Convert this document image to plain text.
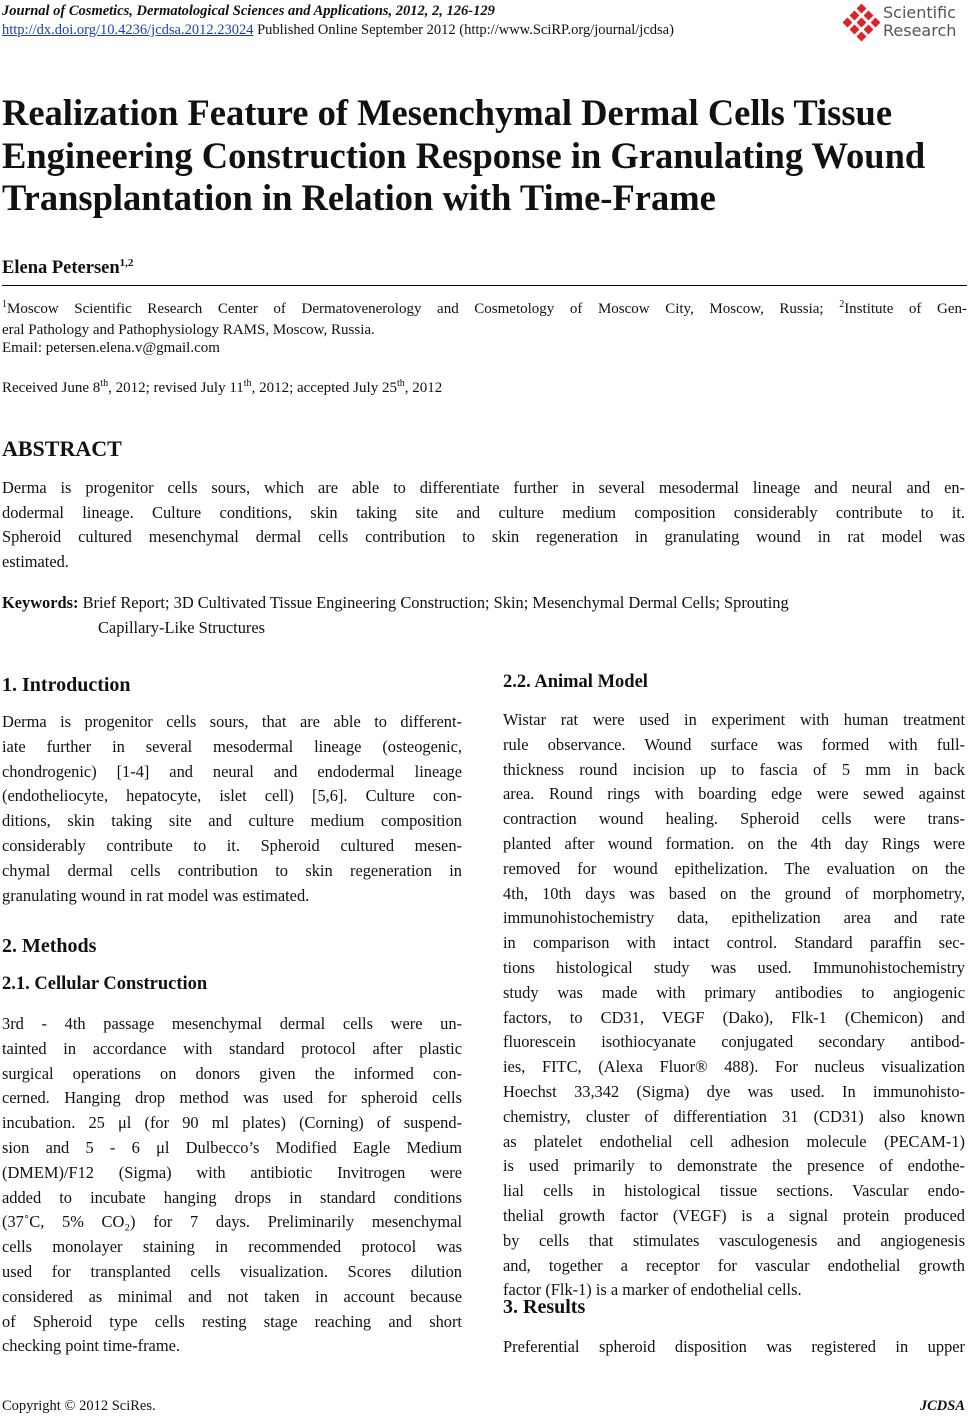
Journal of Cosmetics, Dermatological Sciences and Applications, 2012, 2, 126-129
http://dx.doi.org/10.4236/jcdsa.2012.23024 Published Online September 2012 (http://www.SciRP.org/journal/jcdsa)
Scientific
Research
Realization Feature of Mesenchymal Dermal Cells Tissue
Engineering Construction Response in Granulating Wound
Transplantation in Relation with Time-Frame
Elena Petersen$^{1,2}$
$^1$Moscow Scientific Research Center of Dermatovenerology and Cosmetology of Moscow City, Moscow, Russia; $^2$Institute of Gen-
eral Pathology and Pathophysiology RAMS, Moscow, Russia.
Email: petersen.elena.v@gmail.com
Received June 8th, 2012; revised July 11th, 2012; accepted July 25th, 2012
ABSTRACT
Derma is progenitor cells sours, which are able to differentiate further in several mesodermal lineage and neural and en-
dodermal lineage. Culture conditions, skin taking site and culture medium composition considerably contribute to it.
Spheroid cultured mesenchymal dermal cells contribution to skin regeneration in granulating wound in rat model was
estimated.
Keywords: Brief Report; 3D Cultivated Tissue Engineering Construction; Skin; Mesenchymal Dermal Cells; Sprouting
Capillary-Like Structures
1. Introduction
Derma is progenitor cells sours, that are able to different-
iate further in several mesodermal lineage (osteogenic,
chondrogenic) [1-4] and neural and endodermal lineage
(endotheliocyte, hepatocyte, islet cell) [5,6]. Culture con-
ditions, skin taking site and culture medium composition
considerably contribute to it. Spheroid cultured mesen-
chymal dermal cells contribution to skin regeneration in
granulating wound in rat model was estimated.
2. Methods
2.1. Cellular Construction
3rd - 4th passage mesenchymal dermal cells were un-
tainted in accordance with standard protocol after plastic
surgical operations on donors given the informed con-
cerned. Hanging drop method was used for spheroid cells
incubation. 25 μl (for 90 ml plates) (Corning) of suspend-
sion and 5 - 6 μl Dulbecco’s Modified Eagle Medium
(DMEM)/F12 (Sigma) with antibiotic Invitrogen were
added to incubate hanging drops in standard conditions
(37˚C, 5% CO₂) for 7 days. Preliminarily mesenchymal
cells monolayer staining in recommended protocol was
used for transplanted cells visualization. Scores dilution
considered as minimal and not taken in account because
of Spheroid type cells resting stage reaching and short
checking point time-frame.
2.2. Animal Model
Wistar rat were used in experiment with human treatment
rule observance. Wound surface was formed with full-
thickness round incision up to fascia of 5 mm in back
area. Round rings with boarding edge were sewed against
contraction wound healing. Spheroid cells were trans-
planted after wound formation. on the 4th day Rings were
removed for wound epithelization. The evaluation on the
4th, 10th days was based on the ground of morphometry,
immunohistochemistry data, epithelization area and rate
in comparison with intact control. Standard paraffin sec-
tions histological study was used. Immunohistochemistry
study was made with primary antibodies to angiogenic
factors, to CD31, VEGF (Dako), Flk-1 (Chemicon) and
fluorescein isothiocyanate conjugated secondary antibod-
ies, FITC, (Alexa Fluor® 488). For nucleus visualization
Hoechst 33,342 (Sigma) dye was used. In immunohisto-
chemistry, cluster of differentiation 31 (CD31) also known
as platelet endothelial cell adhesion molecule (PECAM-1)
is used primarily to demonstrate the presence of endothe-
lial cells in histological tissue sections. Vascular endo-
thelial growth factor (VEGF) is a signal protein produced
by cells that stimulates vasculogenesis and angiogenesis
and, together a receptor for vascular endothelial growth
factor (Flk-1) is a marker of endothelial cells.
3. Results
Preferential spheroid disposition was registered in upper
Copyright © 2012 SciRes.	JCDSA
